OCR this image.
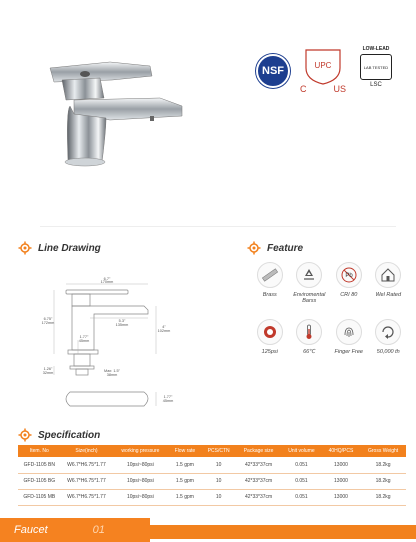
NSF	UPC
C	US
LOW-LEAD
LAB TESTED
LSC
Line Drawing	Feature
6.7"
170mm
6.75"
172mm	5.3"
135mm	4"
102mm
1.77"
45mm
1.26"
32mm	Max: 1.5"
38mm
1.77"
45mm
Brass	Enviromental Barss
Pb
CRI 80	Wel Rated
125psi	66℃	Finger Free	50,000 th
Specification
Item. No	Size(inch)	working pressure	Flow rate	PCS/CTN	Package size	Unit volume	40HQ/PCS	Gross Weight
GFD-1105 BN	W6.7*H6.75*1.77	10psi~80psi	1.5 gpm	10	42*33*37cm	0.051	13000	18.2kg
GFD-1105 BG	W6.7*H6.75*1.77	10psi~80psi	1.5 gpm	10	42*33*37cm	0.051	13000	18.2kg
GFD-1105 MB	W6.7*H6.75*1.77	10psi~80psi	1.5 gpm	10	42*33*37cm	0.051	13000	18.2kg
Faucet	01
